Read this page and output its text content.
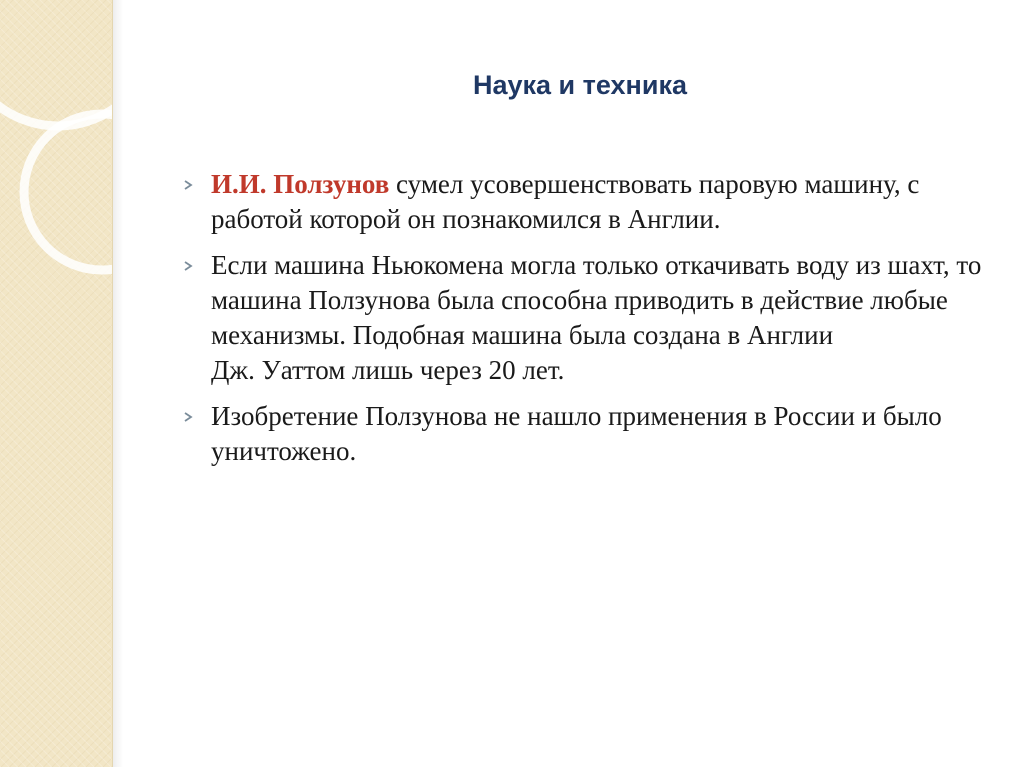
Наука и техника
И.И. Ползунов сумел усовершенствовать паровую машину, с работой которой он познакомился в Англии.
Если машина Ньюкомена могла только откачивать воду из шахт, то машина Ползунова была способна приводить в действие любые механизмы. Подобная машина была создана в АнглииДж. Уаттом лишь через 20 лет.
Изобретение Ползунова не нашло применения в России и было уничтожено.
